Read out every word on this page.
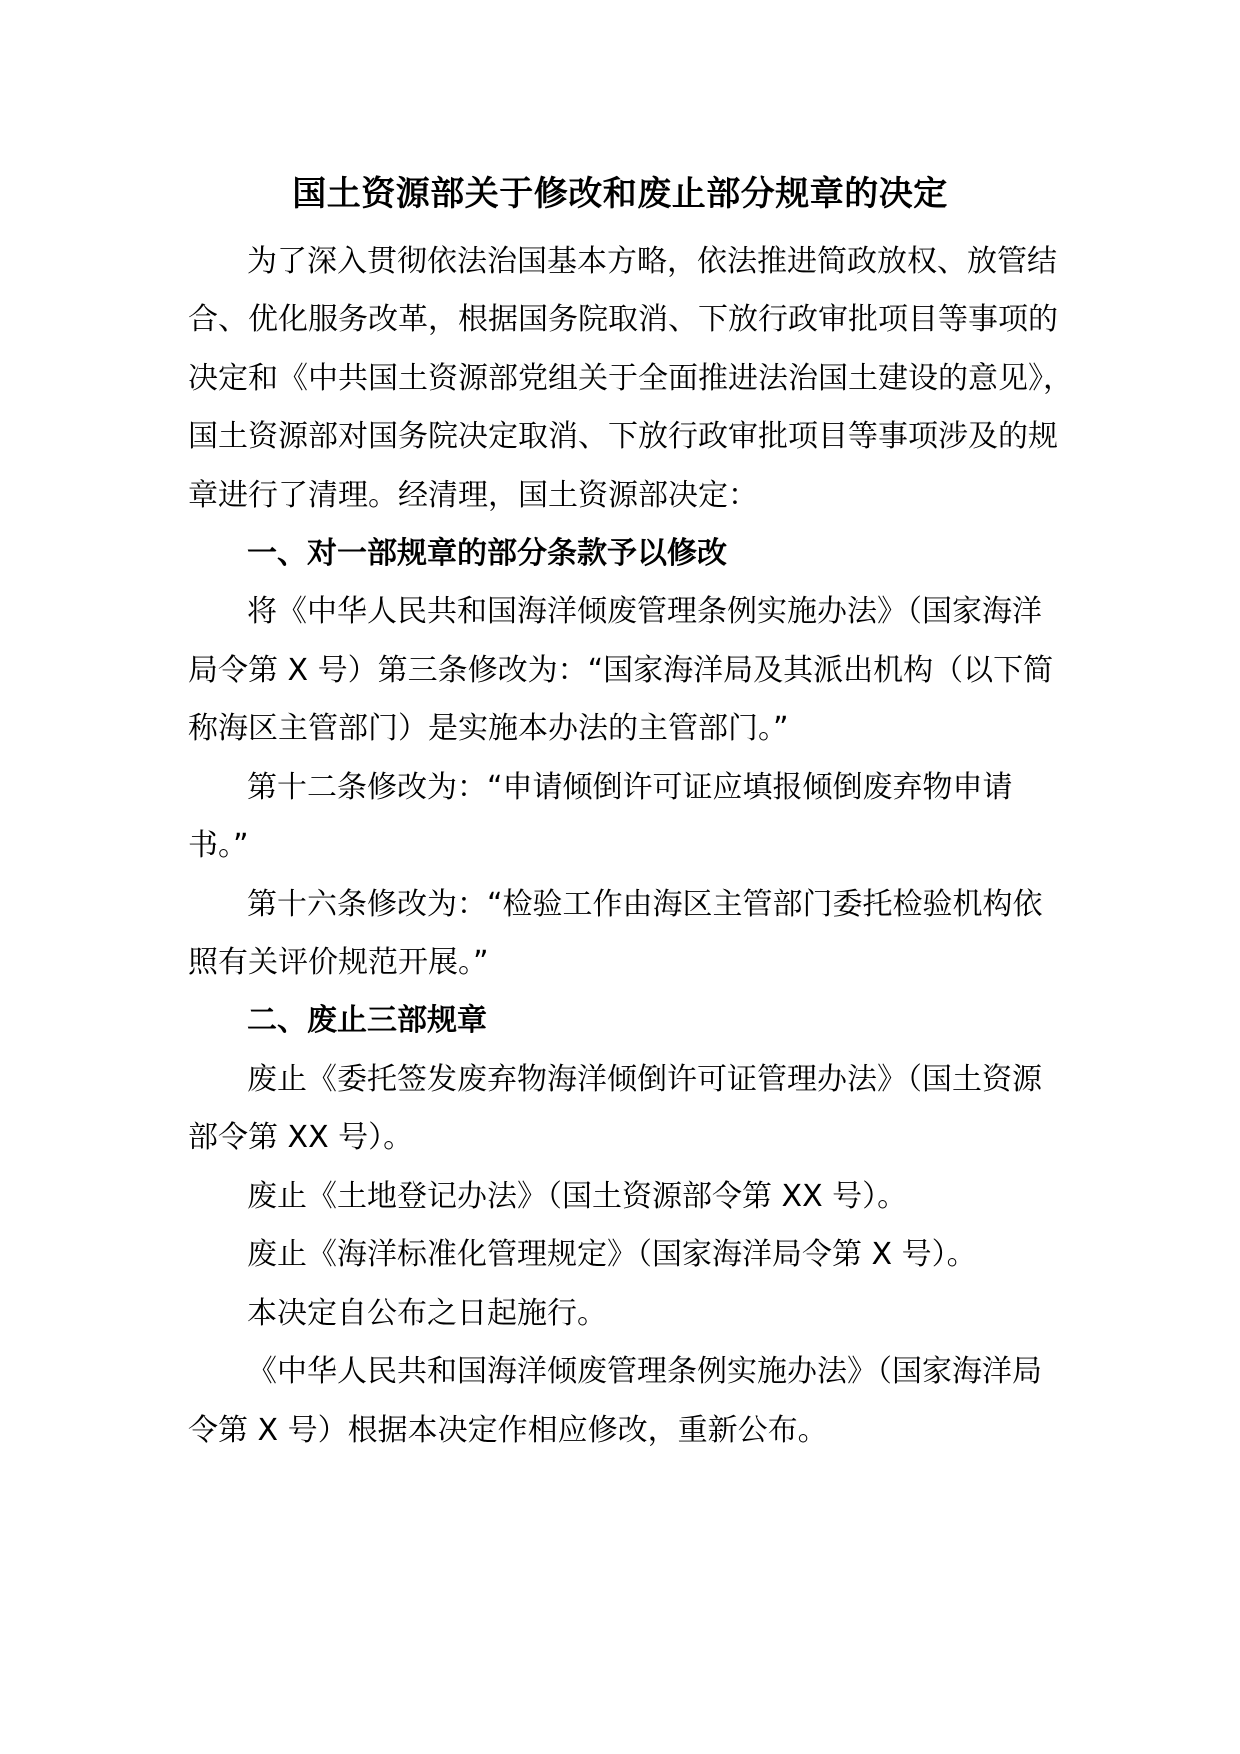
国土资源部关于修改和废止部分规章的决定
为了深入贯彻依法治国基本方略，依法推进简政放权、放管结
合、优化服务改革，根据国务院取消、下放行政审批项目等事项的
决定和《中共国土资源部党组关于全面推进法治国土建设的意见》，
国土资源部对国务院决定取消、下放行政审批项目等事项涉及的规
章进行了清理。经清理，国土资源部决定：
一、对一部规章的部分条款予以修改
将《中华人民共和国海洋倾废管理条例实施办法》（国家海洋
局令第 X 号）第三条修改为：“国家海洋局及其派出机构（以下简
称海区主管部门）是实施本办法的主管部门。”
第十二条修改为：“申请倾倒许可证应填报倾倒废弃物申请
书。”
第十六条修改为：“检验工作由海区主管部门委托检验机构依
照有关评价规范开展。”
二、废止三部规章
废止《委托签发废弃物海洋倾倒许可证管理办法》（国土资源
部令第 XX 号）。
废止《土地登记办法》（国土资源部令第 XX 号）。
废止《海洋标准化管理规定》（国家海洋局令第 X 号）。
本决定自公布之日起施行。
《中华人民共和国海洋倾废管理条例实施办法》（国家海洋局
令第 X 号）根据本决定作相应修改，重新公布。
